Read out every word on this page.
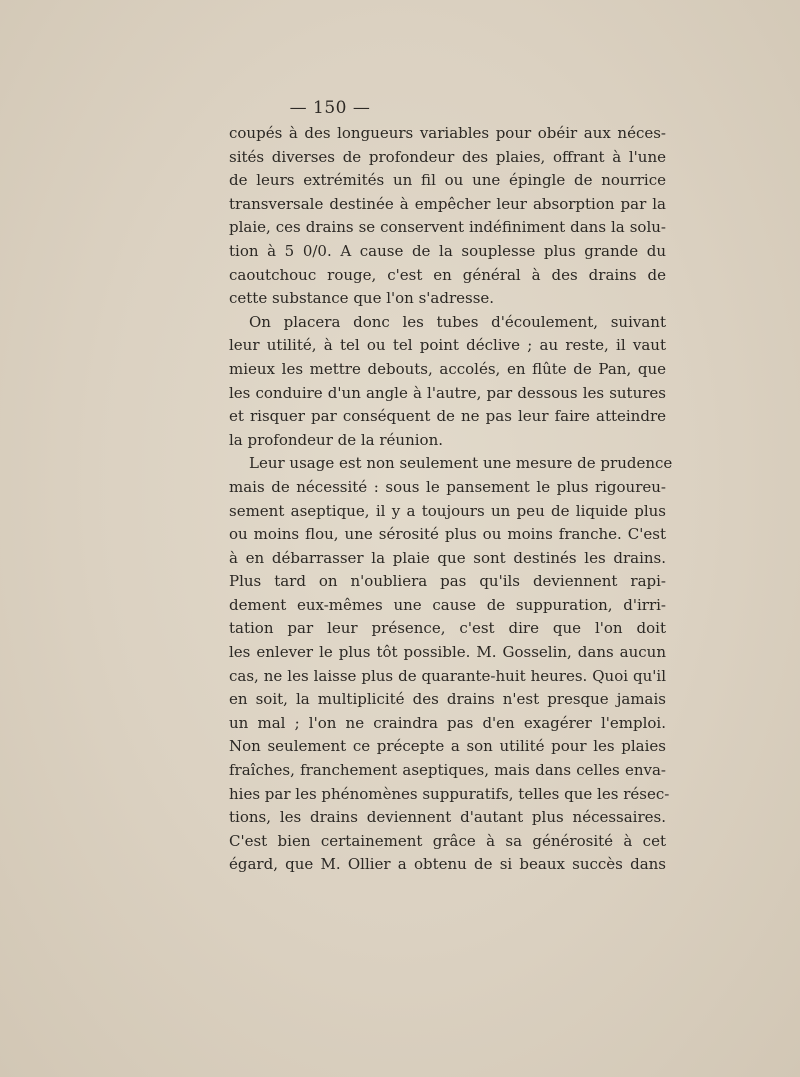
— 150 —
coupés à des longueurs variables pour obéir aux néces-
sités diverses de profondeur des plaies, offrant à l'une
de leurs extrémités un fil ou une épingle de nourrice
transversale destinée à empêcher leur absorption par la
plaie, ces drains se conservent indéfiniment dans la solu-
tion à 5 0/0. A cause de la souplesse plus grande du
caoutchouc rouge, c'est en général à des drains de
cette substance que l'on s'adresse.
On placera donc les tubes d'écoulement, suivant
leur utilité, à tel ou tel point déclive ; au reste, il vaut
mieux les mettre debouts, accolés, en flûte de Pan, que
les conduire d'un angle à l'autre, par dessous les sutures
et risquer par conséquent de ne pas leur faire atteindre
la profondeur de la réunion.
Leur usage est non seulement une mesure de prudence
mais de nécessité : sous le pansement le plus rigoureu-
sement aseptique, il y a toujours un peu de liquide plus
ou moins flou, une sérosité plus ou moins franche. C'est
à en débarrasser la plaie que sont destinés les drains.
Plus tard on n'oubliera pas qu'ils deviennent rapi-
dement eux-mêmes une cause de suppuration, d'irri-
tation par leur présence, c'est dire que l'on doit
les enlever le plus tôt possible. M. Gosselin, dans aucun
cas, ne les laisse plus de quarante-huit heures. Quoi qu'il
en soit, la multiplicité des drains n'est presque jamais
un mal ; l'on ne craindra pas d'en exagérer l'emploi.
Non seulement ce précepte a son utilité pour les plaies
fraîches, franchement aseptiques, mais dans celles enva-
hies par les phénomènes suppuratifs, telles que les résec-
tions, les drains deviennent d'autant plus nécessaires.
C'est bien certainement grâce à sa générosité à cet
égard, que M. Ollier a obtenu de si beaux succès dans
